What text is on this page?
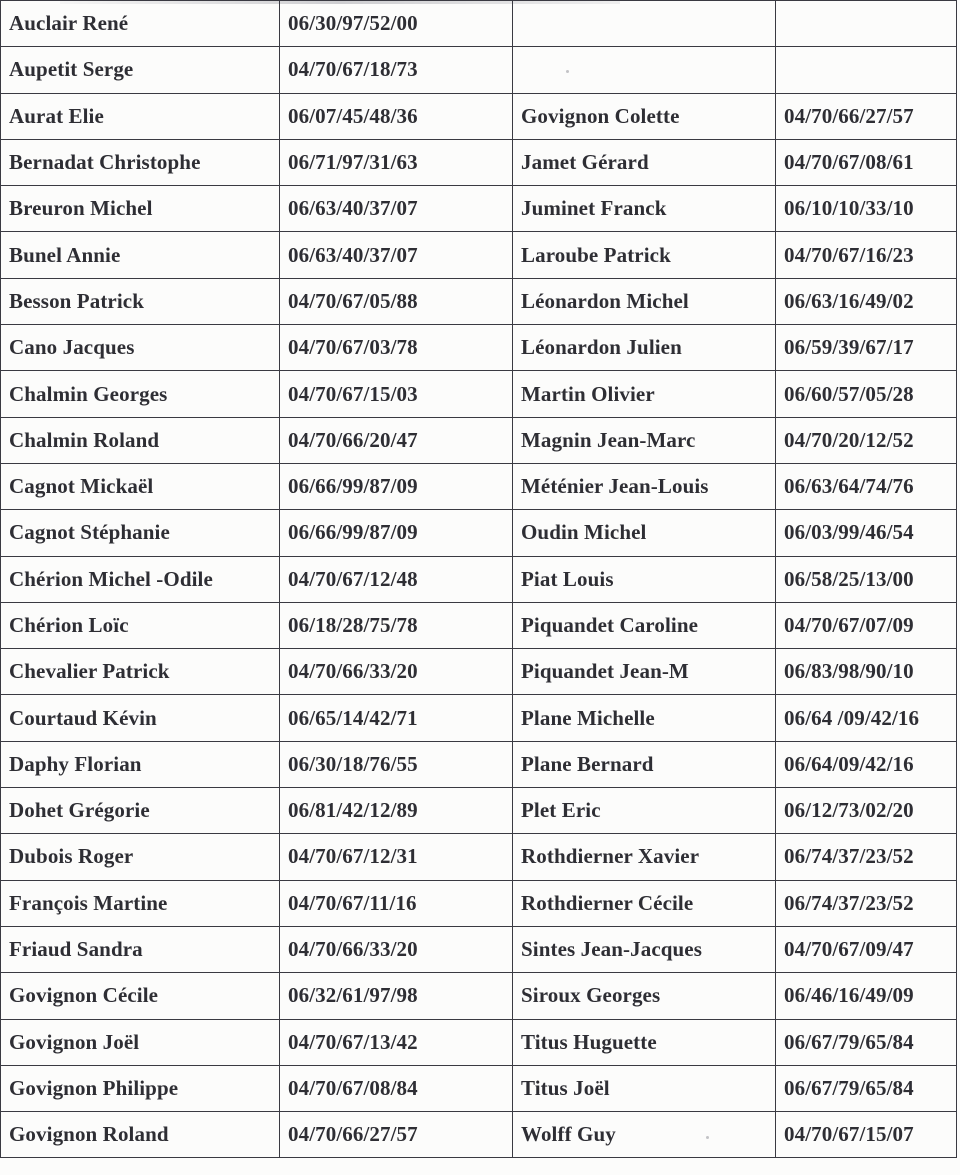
Auclair René	06/30/97/52/00		
Aupetit Serge	04/70/67/18/73		
Aurat Elie	06/07/45/48/36	Govignon Colette	04/70/66/27/57
Bernadat Christophe	06/71/97/31/63	Jamet Gérard	04/70/67/08/61
Breuron Michel	06/63/40/37/07	Juminet Franck	06/10/10/33/10
Bunel Annie	06/63/40/37/07	Laroube Patrick	04/70/67/16/23
Besson Patrick	04/70/67/05/88	Léonardon Michel	06/63/16/49/02
Cano Jacques	04/70/67/03/78	Léonardon Julien	06/59/39/67/17
Chalmin Georges	04/70/67/15/03	Martin Olivier	06/60/57/05/28
Chalmin Roland	04/70/66/20/47	Magnin Jean-Marc	04/70/20/12/52
Cagnot Mickaël	06/66/99/87/09	Méténier Jean-Louis	06/63/64/74/76
Cagnot Stéphanie	06/66/99/87/09	Oudin Michel	06/03/99/46/54
Chérion Michel -Odile	04/70/67/12/48	Piat Louis	06/58/25/13/00
Chérion Loïc	06/18/28/75/78	Piquandet Caroline	04/70/67/07/09
Chevalier Patrick	04/70/66/33/20	Piquandet Jean-M	06/83/98/90/10
Courtaud Kévin	06/65/14/42/71	Plane Michelle	06/64 /09/42/16
Daphy Florian	06/30/18/76/55	Plane Bernard	06/64/09/42/16
Dohet Grégorie	06/81/42/12/89	Plet Eric	06/12/73/02/20
Dubois Roger	04/70/67/12/31	Rothdierner Xavier	06/74/37/23/52
François Martine	04/70/67/11/16	Rothdierner Cécile	06/74/37/23/52
Friaud Sandra	04/70/66/33/20	Sintes Jean-Jacques	04/70/67/09/47
Govignon Cécile	06/32/61/97/98	Siroux Georges	06/46/16/49/09
Govignon Joël	04/70/67/13/42	Titus Huguette	06/67/79/65/84
Govignon Philippe	04/70/67/08/84	Titus Joël	06/67/79/65/84
Govignon Roland	04/70/66/27/57	Wolff Guy	04/70/67/15/07
